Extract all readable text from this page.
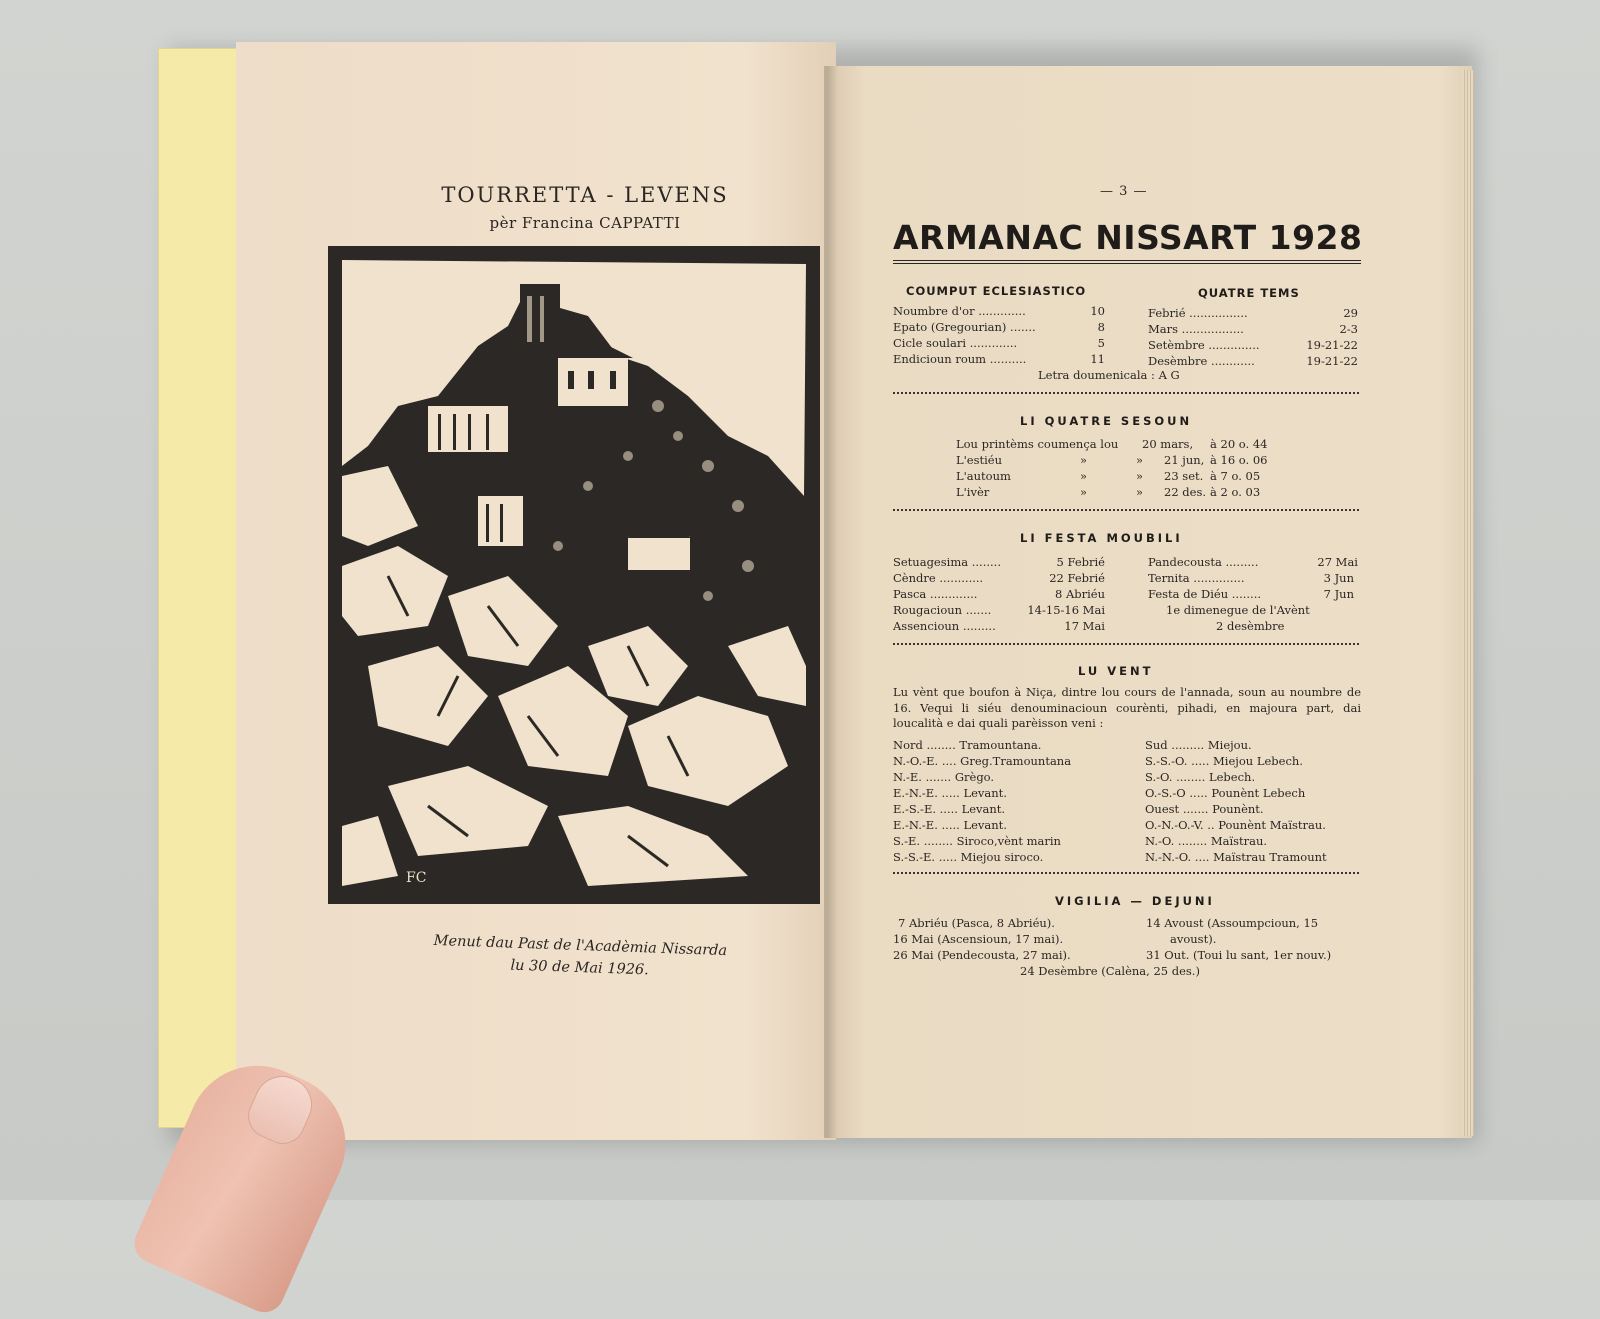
TOURRETTA - LEVENS
pèr Francina CAPPATTI
FC
Menut dau Past de l'Acadèmia Nissarda
lu 30 de Mai 1926.
— 3 —
ARMANAC NISSART 1928
COUMPUT ECLESIASTICO	QUATRE TEMS
Noumbre d'or .............	10
Epato (Gregourian) .......	8
Cicle soulari .............	5
Endicioun roum ..........	11
Febrié ................	29
Mars .................	2-3
Setèmbre ..............	19-21-22
Desèmbre ............	19-21-22
Letra doumenicala : A G
LI QUATRE SESOUN
Lou printèms coumença lou 20 mars, à 20 o. 44
L'estiéu	»	» 21 jun, à 16 o. 06
L'autoum	»	» 23 set. à 7 o. 05
L'ivèr	»	» 22 des. à 2 o. 03
LI FESTA MOUBILI
Setuagesima ........	5 Febrié
Cèndre ............	22 Febrié
Pasca .............	8 Abriéu
Rougacioun .......	14-15-16 Mai
Assencioun .........	17 Mai
Pandecousta .........	27 Mai
Ternita ..............	3 Jun
Festa de Diéu ........	7 Jun
1e dimenegue de l'Avènt
2 desèmbre
LU VENT
Lu vènt que boufon à Niça, dintre lou cours de l'annada, soun au noumbre de 16. Vequi li siéu denouminacioun courènti, pihadi, en majoura part, dai loucalità e dai quali parèisson veni :
Nord ........ Tramountana.
N.-O.-E. .... Greg.Tramountana
N.-E. ....... Grègo.
E.-N.-E. ..... Levant.
E.-S.-E. ..... Levant.
E.-N.-E. ..... Levant.
S.-E. ........ Siroco,vènt marin
S.-S.-E. ..... Miejou siroco.
Sud ......... Miejou.
S.-S.-O. ..... Miejou Lebech.
S.-O. ........ Lebech.
O.-S.-O ..... Pounènt Lebech
Ouest ....... Pounènt.
O.-N.-O.-V. .. Pounènt Maïstrau.
N.-O. ........ Maïstrau.
N.-N.-O. .... Maïstrau Tramount
VIGILIA — DEJUNI
7 Abriéu (Pasca, 8 Abriéu).
16 Mai (Ascensioun, 17 mai).
26 Mai (Pendecousta, 27 mai).
14 Avoust (Assoumpcioun, 15
avoust).
31 Out. (Toui lu sant, 1er nouv.)
24 Desèmbre (Calèna, 25 des.)
